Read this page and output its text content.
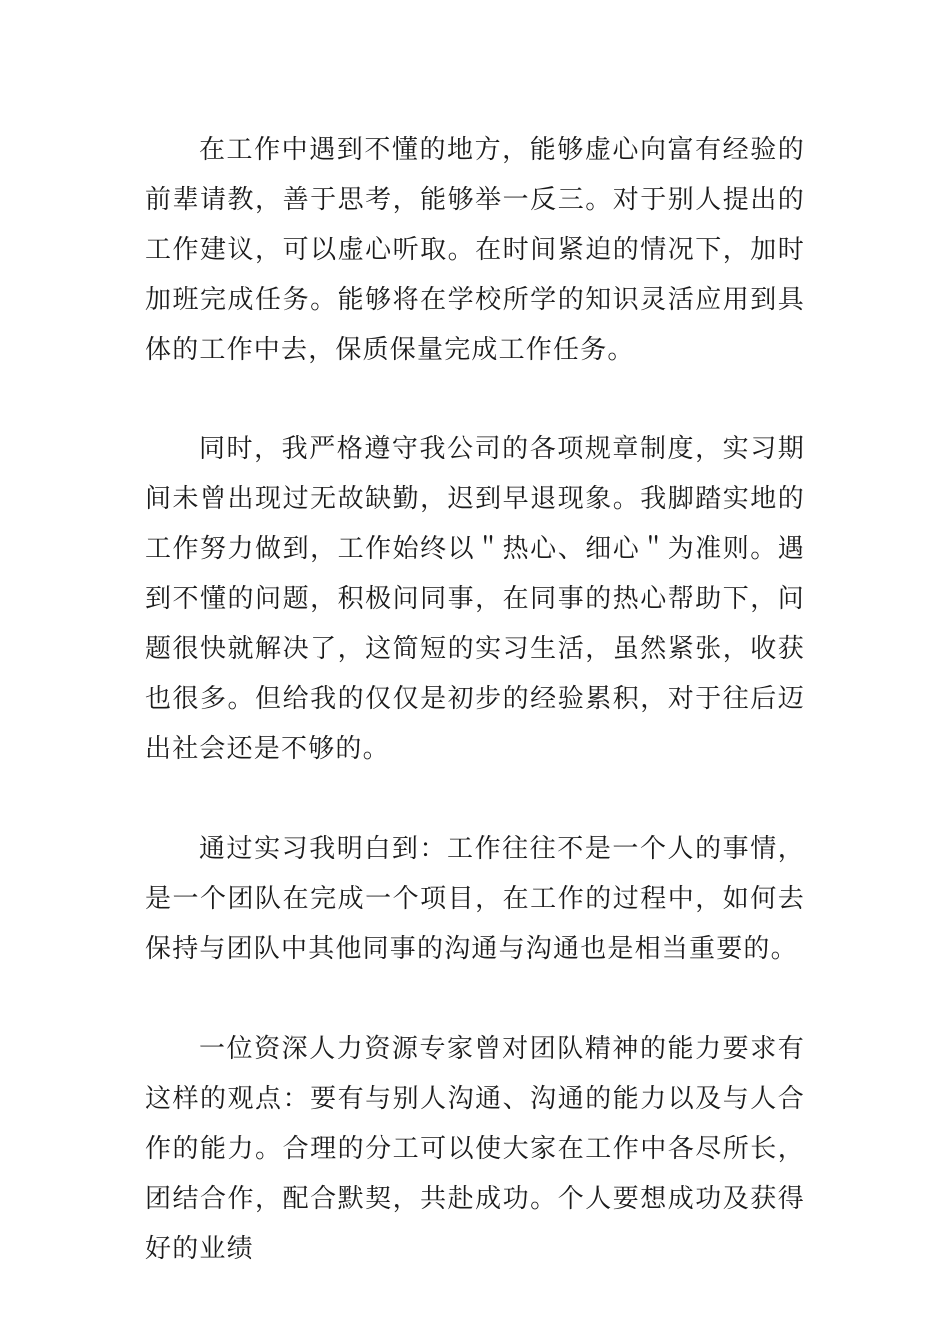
在工作中遇到不懂的地方，能够虚心向富有经验的前辈请教，善于思考，能够举一反三。对于别人提出的工作建议，可以虚心听取。在时间紧迫的情况下，加时加班完成任务。能够将在学校所学的知识灵活应用到具体的工作中去，保质保量完成工作任务。

同时，我严格遵守我公司的各项规章制度，实习期间未曾出现过无故缺勤，迟到早退现象。我脚踏实地的工作努力做到，工作始终以＂热心、细心＂为准则。遇到不懂的问题，积极问同事，在同事的热心帮助下，问题很快就解决了，这简短的实习生活，虽然紧张，收获也很多。但给我的仅仅是初步的经验累积，对于往后迈出社会还是不够的。

通过实习我明白到：工作往往不是一个人的事情，是一个团队在完成一个项目，在工作的过程中，如何去保持与团队中其他同事的沟通与沟通也是相当重要的。

一位资深人力资源专家曾对团队精神的能力要求有这样的观点：要有与别人沟通、沟通的能力以及与人合作的能力。合理的分工可以使大家在工作中各尽所长，团结合作，配合默契，共赴成功。个人要想成功及获得好的业绩
